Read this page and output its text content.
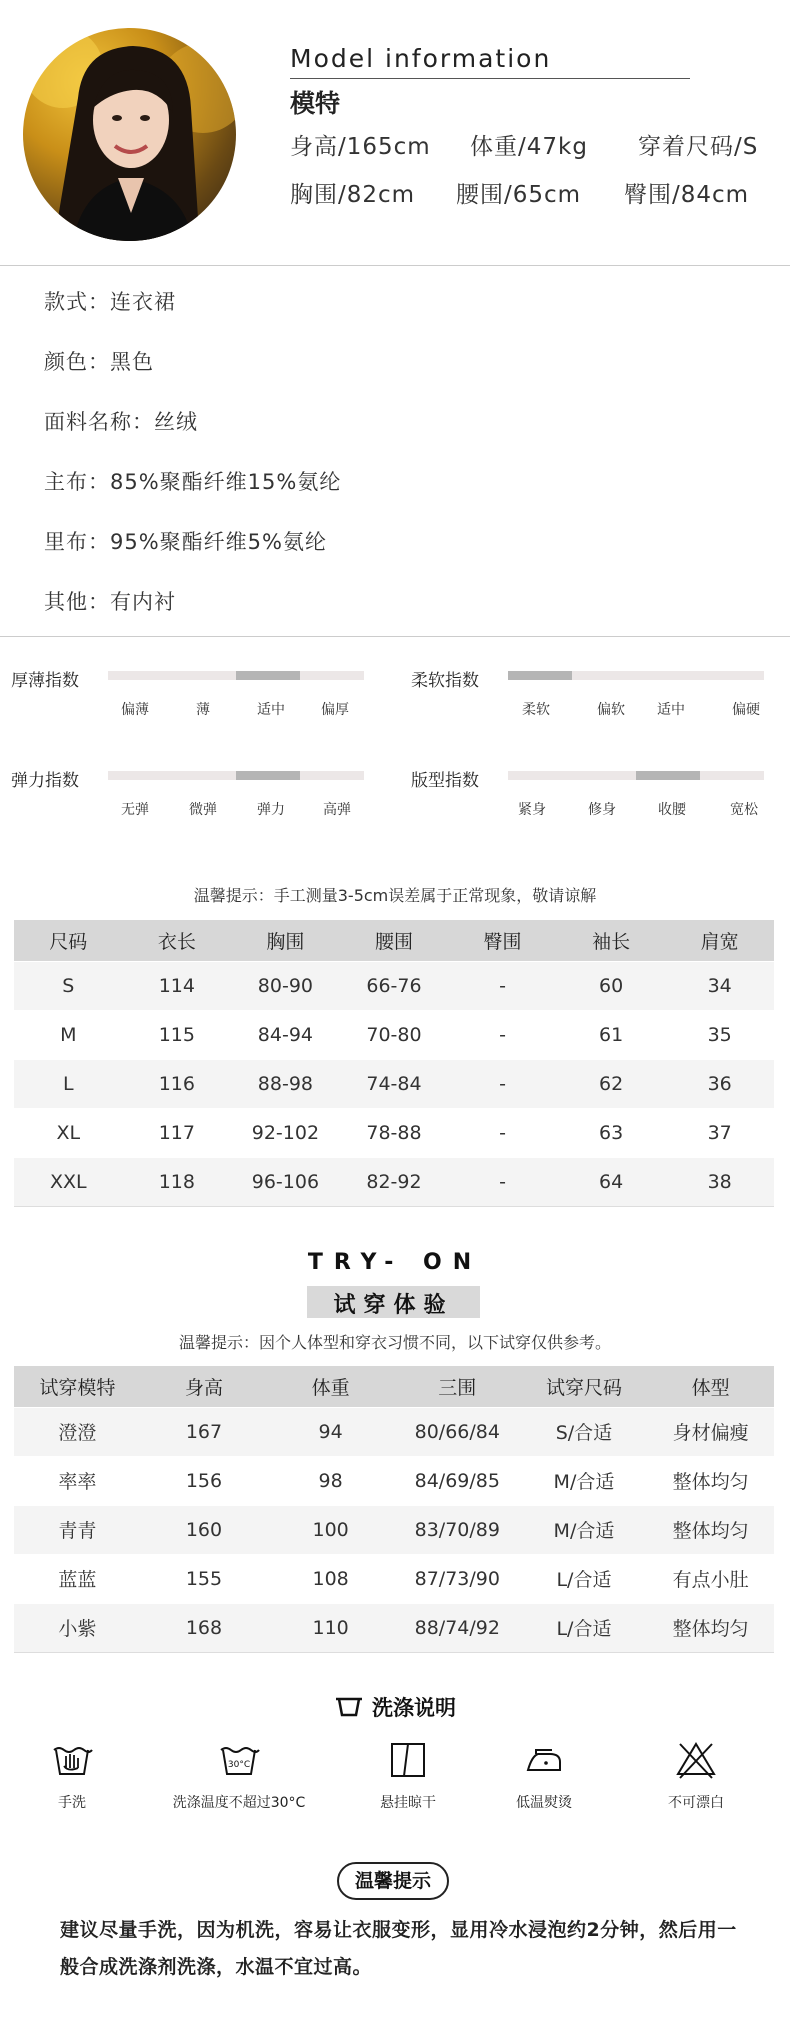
Model information
模特
身高/165cm 体重/47kg 穿着尺码/S
胸围/82cm 腰围/65cm 臀围/84cm
款式：连衣裙
颜色：黑色
面料名称：丝绒
主布：85%聚酯纤维15%氨纶
里布：95%聚酯纤维5%氨纶
其他：有内衬
厚薄指数
偏薄	薄	适中	偏厚
柔软指数
柔软	偏软 适中	偏硬
弹力指数
无弹	微弹	弹力	高弹
版型指数
紧身	修身	收腰	宽松
温馨提示：手工测量3-5cm误差属于正常现象，敬请谅解
尺码	衣长	胸围	腰围	臀围	袖长	肩宽
S	114	80-90	66-76	-	60	34
M	115	84-94	70-80	-	61	35
L	116	88-98	74-84	-	62	36
XL	117	92-102	78-88	-	63	37
XXL	118	96-106	82-92	-	64	38
TRY- ON
试穿体验
温馨提示：因个人体型和穿衣习惯不同，以下试穿仅供参考。
试穿模特	身高	体重	三围	试穿尺码	体型
澄澄	167	94	80/66/84	S/合适	身材偏瘦
率率	156	98	84/69/85	M/合适	整体均匀
青青	160	100	83/70/89	M/合适	整体均匀
蓝蓝	155	108	87/73/90	L/合适	有点小肚
小紫	168	110	88/74/92	L/合适	整体均匀
洗涤说明
手洗
30°C
洗涤温度不超过30°C	悬挂晾干	低温熨烫	不可漂白
温馨提示
建议尽量手洗，因为机洗，容易让衣服变形，显用冷水浸泡约2分钟，然后用一般合成洗涤剂洗涤，水温不宜过高。
